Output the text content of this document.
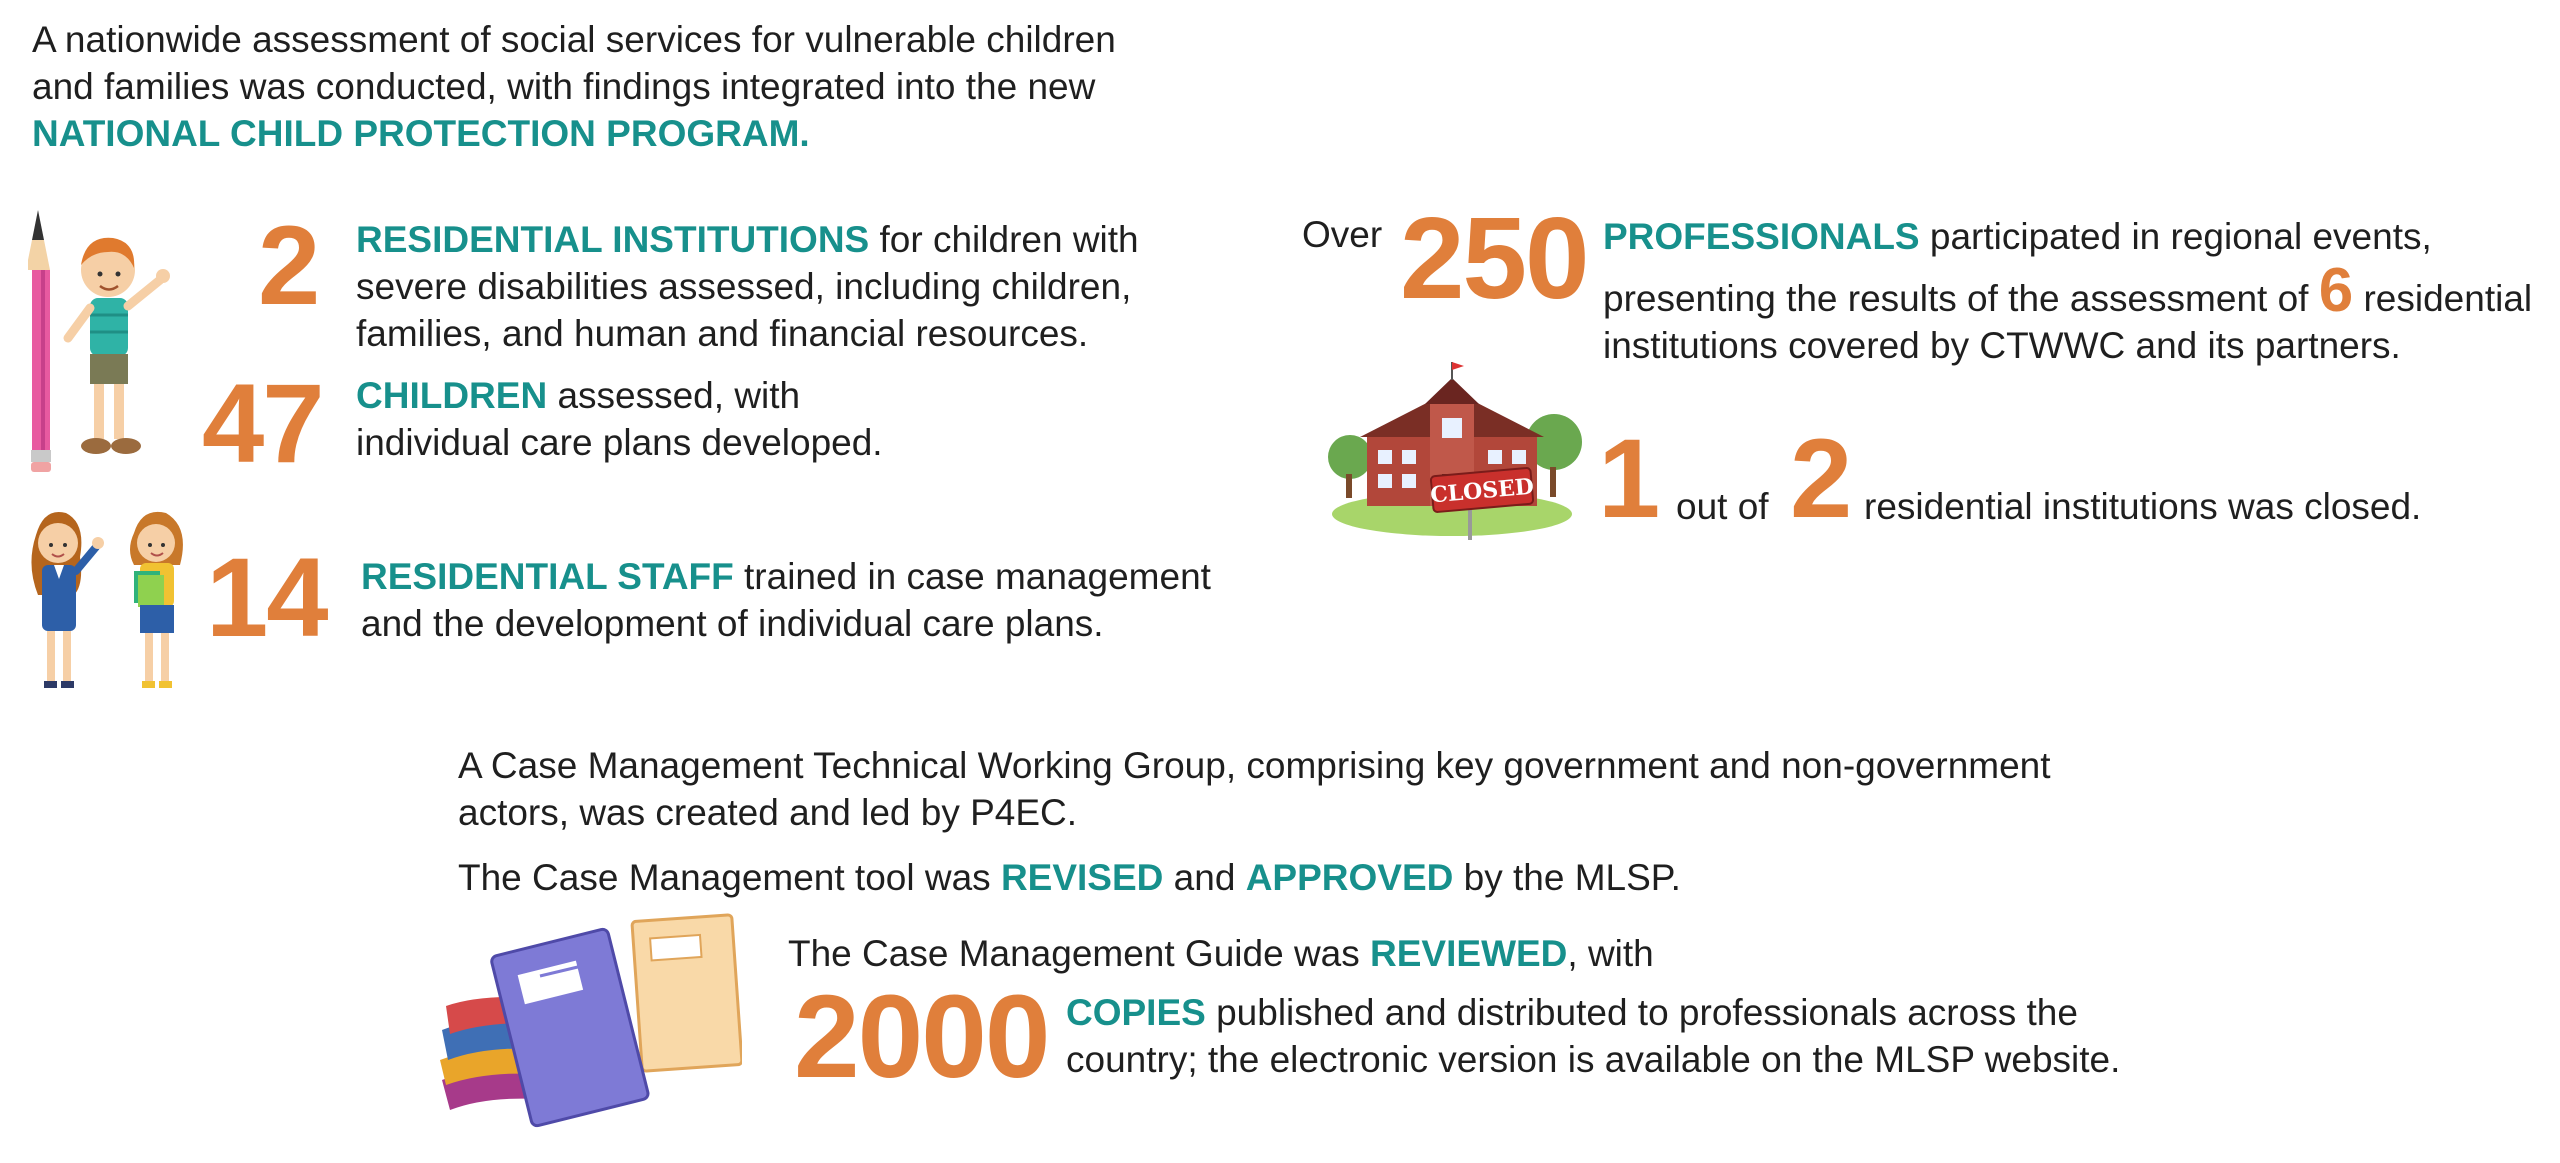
A nationwide assessment of social services for vulnerable children
and families was conducted, with findings integrated into the new
NATIONAL CHILD PROTECTION PROGRAM.
2 RESIDENTIAL INSTITUTIONS for children with
severe disabilities assessed, including children,
families, and human and financial resources.
47 CHILDREN assessed, with
individual care plans developed.
14 RESIDENTIAL STAFF trained in case management
and the development of individual care plans.
Over 250 PROFESSIONALS participated in regional events,
presenting the results of the assessment of 6 residential
institutions covered by CTWWC and its partners.
CLOSED 1 out of 2 residential institutions was closed.
A Case Management Technical Working Group, comprising key government and non-government
actors, was created and led by P4EC.
The Case Management tool was REVISED and APPROVED by the MLSP.
The Case Management Guide was REVIEWED, with
2000 COPIES published and distributed to professionals across the
country; the electronic version is available on the MLSP website.
